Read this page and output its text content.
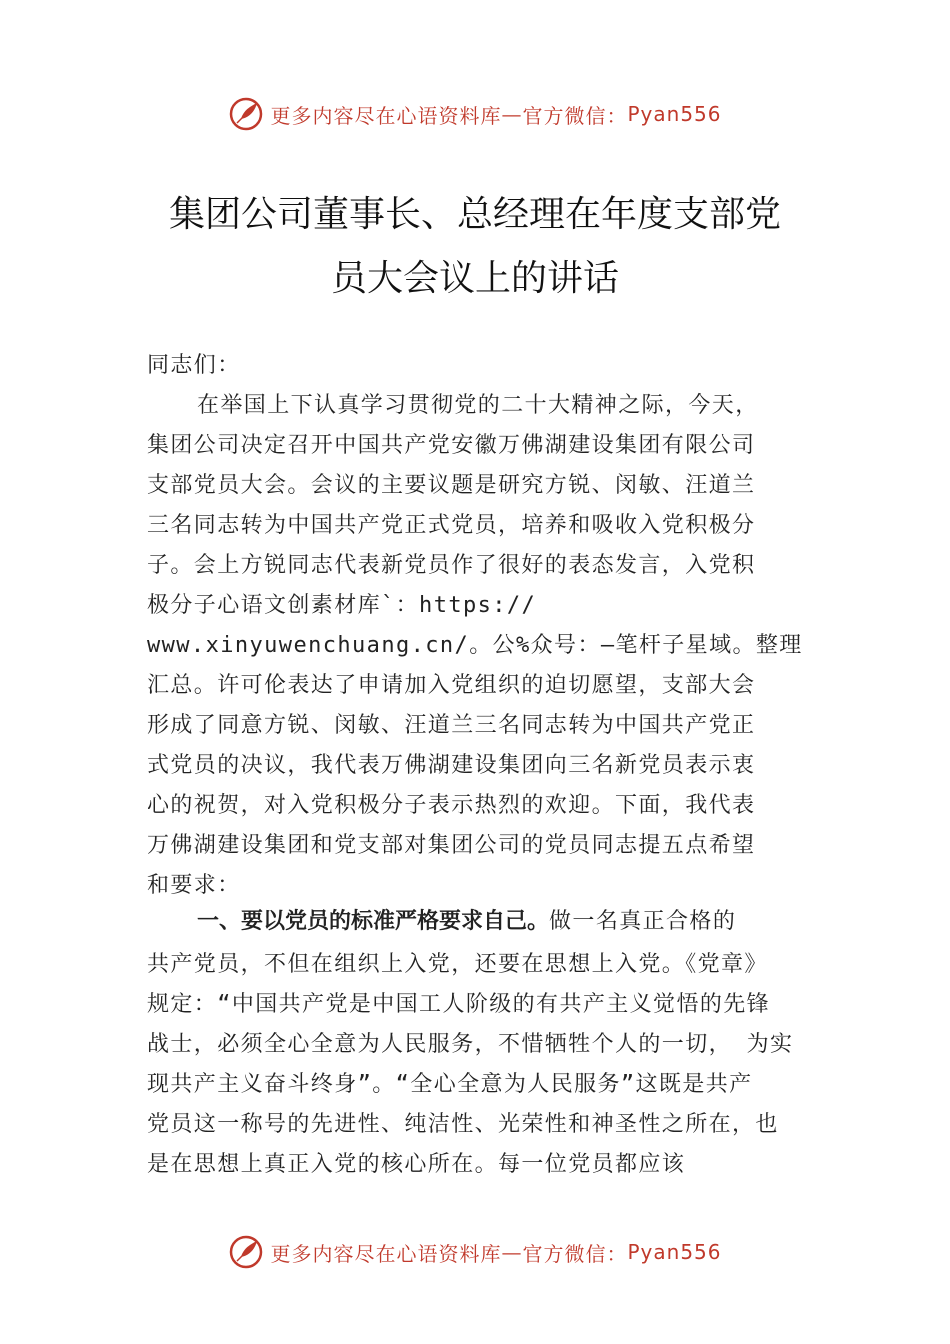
更多内容尽在心语资料库 — 官方微信： Pyan556
集团公司董事长、总经理在年度支部党
员大会议上的讲话
同志们：
在举国上下认真学习贯彻党的二十大精神之际，今天，
集团公司决定召开中国共产党安徽万佛湖建设集团有限公司
支部党员大会。会议的主要议题是研究方锐、闵敏、汪道兰
三名同志转为中国共产党正式党员，培养和吸收入党积极分
子。会上方锐同志代表新党员作了很好的表态发言，入党积
极分子心语文创素材库`：https://
www.xinyuwenchuang.cn/。公%众号：—笔杆子星域。整理
汇总。许可伦表达了申请加入党组织的迫切愿望，支部大会
形成了同意方锐、闵敏、汪道兰三名同志转为中国共产党正
式党员的决议，我代表万佛湖建设集团向三名新党员表示衷
心的祝贺，对入党积极分子表示热烈的欢迎。下面，我代表
万佛湖建设集团和党支部对集团公司的党员同志提五点希望
和要求：
一、要以党员的标准严格要求自己。做一名真正合格的
共产党员，不但在组织上入党，还要在思想上入党。《党章》
规定：“中国共产党是中国工人阶级的有共产主义觉悟的先锋
战士，必须全心全意为人民服务，不惜牺牲个人的一切， 为实
现共产主义奋斗终身”。“全心全意为人民服务”这既是共产
党员这一称号的先进性、纯洁性、光荣性和神圣性之所在，也
是在思想上真正入党的核心所在。每一位党员都应该
更多内容尽在心语资料库 — 官方微信： Pyan556
